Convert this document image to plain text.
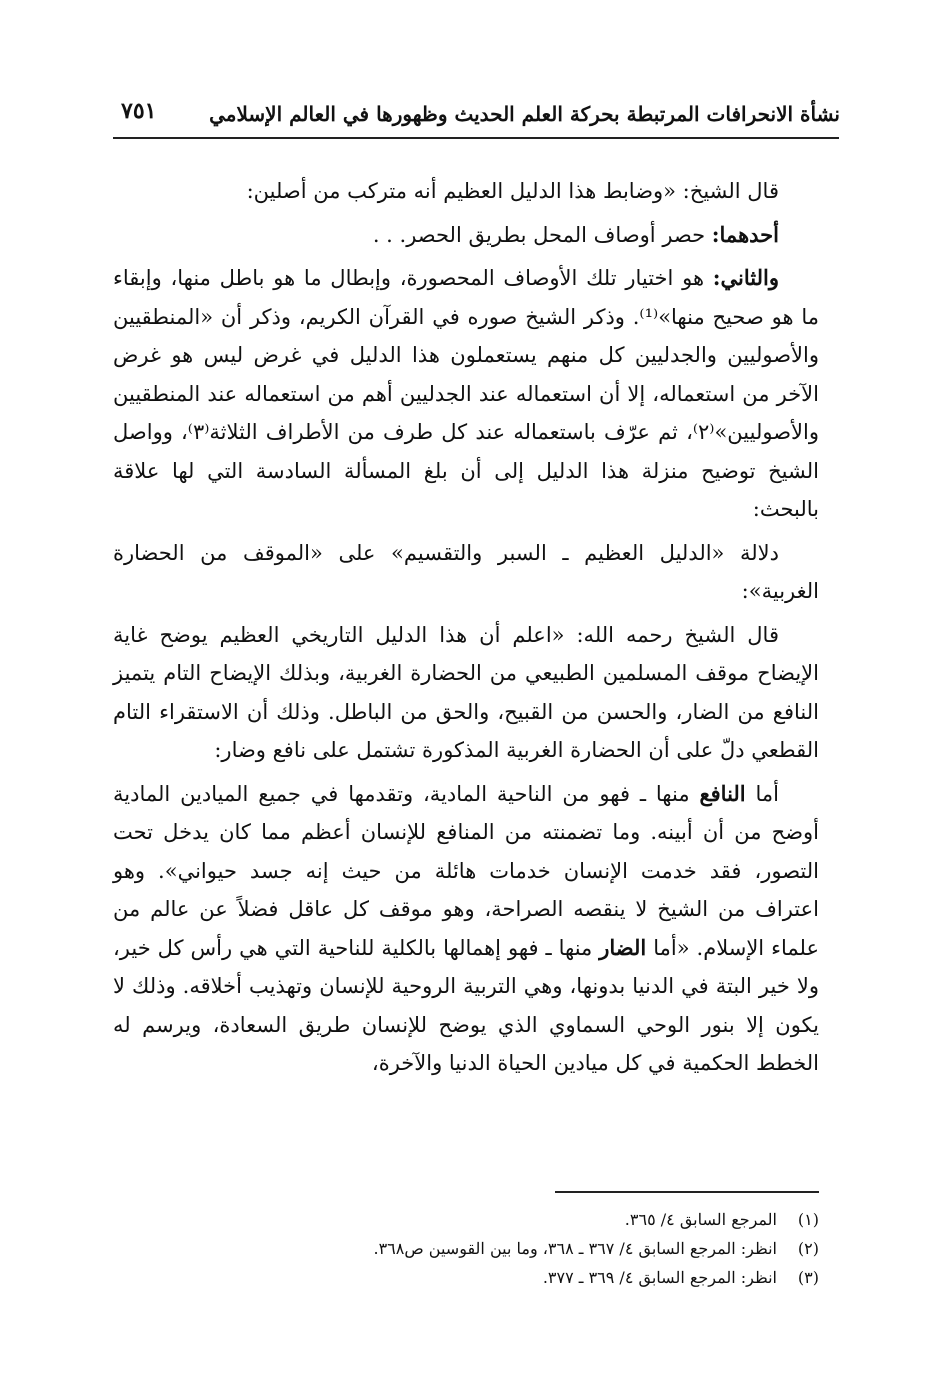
نشأة الانحرافات المرتبطة بحركة العلم الحديث وظهورها في العالم الإسلامي
٧٥١

قال الشيخ: «وضابط هذا الدليل العظيم أنه متركب من أصلين:

أحدهما: حصر أوصاف المحل بطريق الحصر. . .

والثاني: هو اختيار تلك الأوصاف المحصورة، وإبطال ما هو باطل منها، وإبقاء ما هو صحيح منها»⁽¹⁾. وذكر الشيخ صوره في القرآن الكريم، وذكر أن «المنطقيين والأصوليين والجدليين كل منهم يستعملون هذا الدليل في غرض ليس هو غرض الآخر من استعماله، إلا أن استعماله عند الجدليين أهم من استعماله عند المنطقيين والأصوليين»⁽٢⁾، ثم عرّف باستعماله عند كل طرف من الأطراف الثلاثة⁽٣⁾، وواصل الشيخ توضيح منزلة هذا الدليل إلى أن بلغ المسألة السادسة التي لها علاقة بالبحث:

دلالة «الدليل العظيم ـ السبر والتقسيم» على «الموقف من الحضارة الغربية»:

قال الشيخ رحمه الله: «اعلم أن هذا الدليل التاريخي العظيم يوضح غاية الإيضاح موقف المسلمين الطبيعي من الحضارة الغربية، وبذلك الإيضاح التام يتميز النافع من الضار، والحسن من القبيح، والحق من الباطل. وذلك أن الاستقراء التام القطعي دلّ على أن الحضارة الغربية المذكورة تشتمل على نافع وضار:

أما النافع منها ـ فهو من الناحية المادية، وتقدمها في جميع الميادين المادية أوضح من أن أبينه. وما تضمنته من المنافع للإنسان أعظم مما كان يدخل تحت التصور، فقد خدمت الإنسان خدمات هائلة من حيث إنه جسد حيواني». وهو اعتراف من الشيخ لا ينقصه الصراحة، وهو موقف كل عاقل فضلاً عن عالم من علماء الإسلام. «أما الضار منها ـ فهو إهمالها بالكلية للناحية التي هي رأس كل خير، ولا خير البتة في الدنيا بدونها، وهي التربية الروحية للإنسان وتهذيب أخلاقه. وذلك لا يكون إلا بنور الوحي السماوي الذي يوضح للإنسان طريق السعادة، ويرسم له الخطط الحكمية في كل ميادين الحياة الدنيا والآخرة،

(١)المرجع السابق ٤/ ٣٦٥.
(٢)انظر: المرجع السابق ٤/ ٣٦٧ ـ ٣٦٨، وما بين القوسين ص٣٦٨.
(٣)انظر: المرجع السابق ٤/ ٣٦٩ ـ ٣٧٧.
